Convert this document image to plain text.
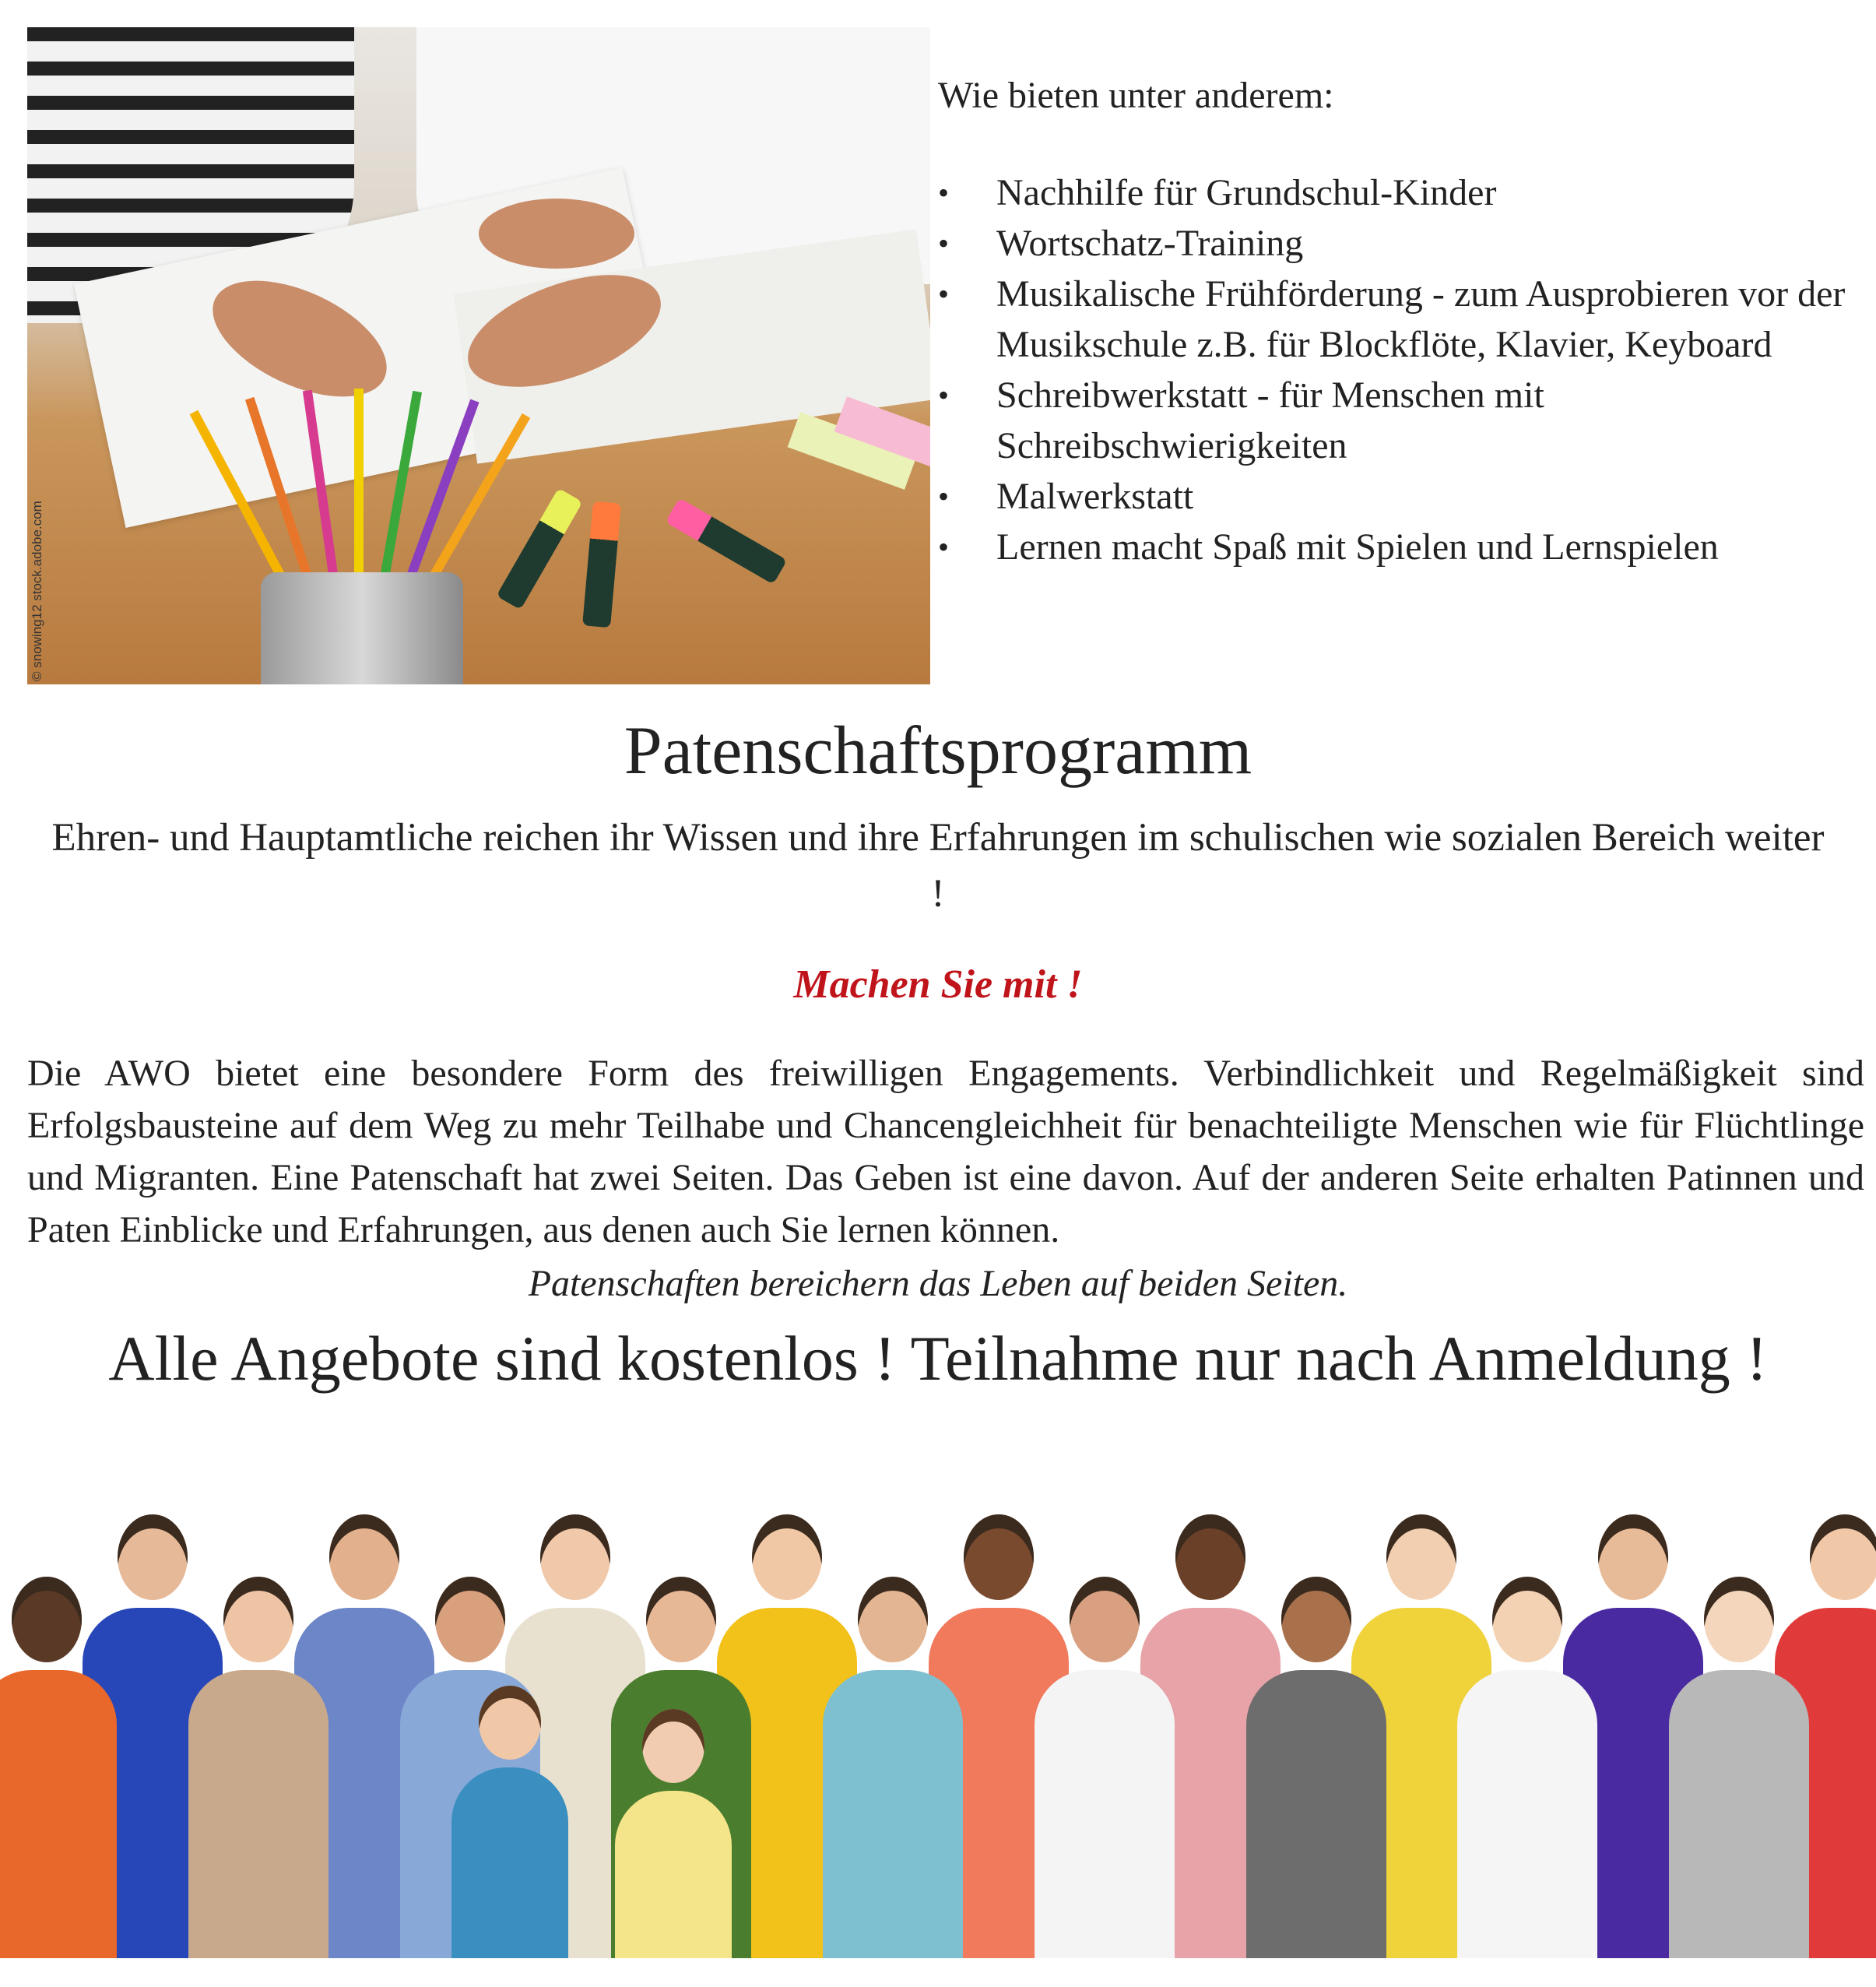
© snowing12 stock.adobe.com
Wie bieten unter anderem:
• Nachhilfe für Grundschul-Kinder
• Wortschatz-Training
• Musikalische Frühförderung - zum Ausprobieren vor der Musikschule z.B. für Blockflöte, Klavier, Keyboard
• Schreibwerkstatt - für Menschen mit Schreibschwierigkeiten
• Malwerkstatt
• Lernen macht Spaß mit Spielen und Lernspielen
Patenschaftsprogramm
Ehren- und Hauptamtliche reichen ihr Wissen und ihre Erfahrungen im schulischen wie sozialen Bereich weiter !
Machen Sie mit !
Die AWO bietet eine besondere Form des freiwilligen Engagements. Verbindlichkeit und Regelmäßigkeit sind Erfolgsbausteine auf dem Weg zu mehr Teilhabe und Chancengleichheit für benachteiligte Menschen wie für Flüchtlinge und Migranten. Eine Patenschaft hat zwei Seiten. Das Geben ist eine davon. Auf der anderen Seite erhalten Patinnen und Paten Einblicke und Erfahrungen, aus denen auch Sie lernen können.
Patenschaften bereichern das Leben auf beiden Seiten.
Alle Angebote sind kostenlos ! Teilnahme nur nach Anmeldung !
